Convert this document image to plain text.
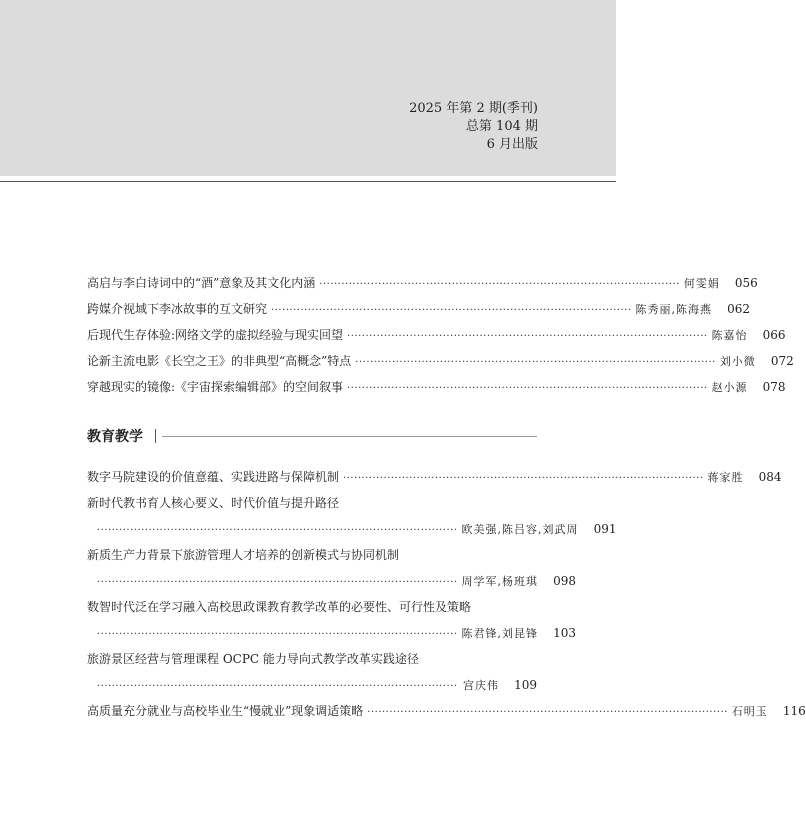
2025 年第 2 期(季刊)
总第 104 期
6 月出版
高启与李白诗词中的“酒”意象及其文化内涵 ·································································································· 何雯娟 056
跨媒介视域下李冰故事的互文研究 ·································································································· 陈秀丽,陈海燕 062
后现代生存体验:网络文学的虚拟经验与现实回望 ·································································································· 陈嘉怡 066
论新主流电影《长空之王》的非典型“高概念”特点 ·································································································· 刘小微 072
穿越现实的镜像:《宇宙探索编辑部》的空间叙事 ·································································································· 赵小源 078
教育教学
数字马院建设的价值意蕴、实践进路与保障机制 ·································································································· 蒋家胜 084
新时代教书育人核心要义、时代价值与提升路径
·································································································· 欧美强,陈吕容,刘武周 091
新质生产力背景下旅游管理人才培养的创新模式与协同机制
·································································································· 周学军,杨班琪 098
数智时代泛在学习融入高校思政课教育教学改革的必要性、可行性及策略
·································································································· 陈君锋,刘昆锋 103
旅游景区经营与管理课程 OCPC 能力导向式教学改革实践途径
·································································································· 宫庆伟 109
高质量充分就业与高校毕业生“慢就业”现象调适策略 ·································································································· 石明玉 116
